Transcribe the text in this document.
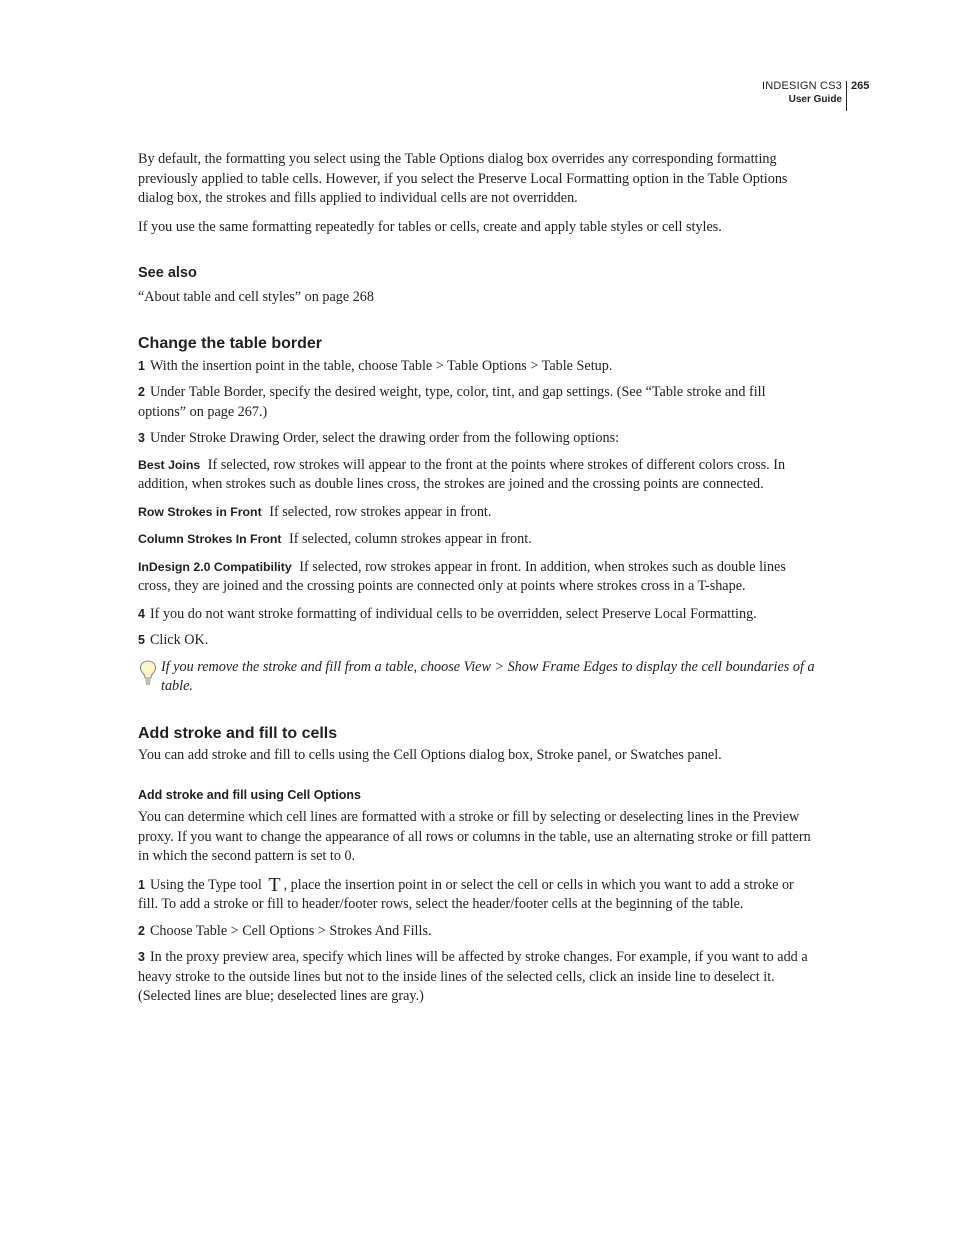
INDESIGN CS3
User Guide
265

By default, the formatting you select using the Table Options dialog box overrides any corresponding formatting previously applied to table cells. However, if you select the Preserve Local Formatting option in the Table Options dialog box, the strokes and fills applied to individual cells are not overridden.

If you use the same formatting repeatedly for tables or cells, create and apply table styles or cell styles.

See also

“About table and cell styles” on page 268

Change the table border

1 With the insertion point in the table, choose Table > Table Options > Table Setup.

2 Under Table Border, specify the desired weight, type, color, tint, and gap settings. (See “Table stroke and fill options” on page 267.)

3 Under Stroke Drawing Order, select the drawing order from the following options:

Best Joins If selected, row strokes will appear to the front at the points where strokes of different colors cross. In addition, when strokes such as double lines cross, the strokes are joined and the crossing points are connected.

Row Strokes in Front If selected, row strokes appear in front.

Column Strokes In Front If selected, column strokes appear in front.

InDesign 2.0 Compatibility If selected, row strokes appear in front. In addition, when strokes such as double lines cross, they are joined and the crossing points are connected only at points where strokes cross in a T-shape.

4 If you do not want stroke formatting of individual cells to be overridden, select Preserve Local Formatting.

5 Click OK.

If you remove the stroke and fill from a table, choose View > Show Frame Edges to display the cell boundaries of a table.
Add stroke and fill to cells

You can add stroke and fill to cells using the Cell Options dialog box, Stroke panel, or Swatches panel.

Add stroke and fill using Cell Options

You can determine which cell lines are formatted with a stroke or fill by selecting or deselecting lines in the Preview proxy. If you want to change the appearance of all rows or columns in the table, use an alternating stroke or fill pattern in which the second pattern is set to 0.

1 Using the Type tool T , place the insertion point in or select the cell or cells in which you want to add a stroke or fill. To add a stroke or fill to header/footer rows, select the header/footer cells at the beginning of the table.

2 Choose Table > Cell Options > Strokes And Fills.

3 In the proxy preview area, specify which lines will be affected by stroke changes. For example, if you want to add a heavy stroke to the outside lines but not to the inside lines of the selected cells, click an inside line to deselect it. (Selected lines are blue; deselected lines are gray.)
